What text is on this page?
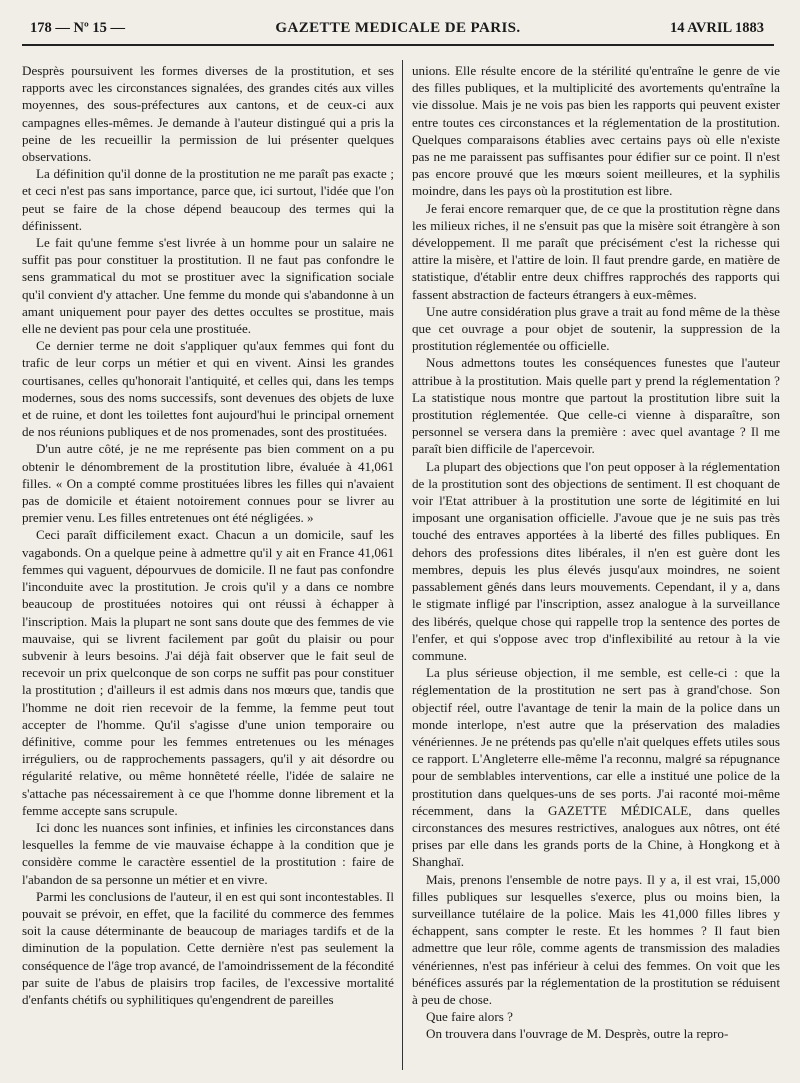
178 — Nº 15 —	GAZETTE MEDICALE DE PARIS.	14 AVRIL 1883

Desprès poursuivent les formes diverses de la prostitution, et ses rapports avec les circonstances signalées, des grandes cités aux villes moyennes, des sous-préfectures aux cantons, et de ceux-ci aux campagnes elles-mêmes. Je demande à l'auteur distingué qui a pris la peine de les recueillir la permission de lui présenter quelques observations.

La définition qu'il donne de la prostitution ne me paraît pas exacte ; et ceci n'est pas sans importance, parce que, ici surtout, l'idée que l'on peut se faire de la chose dépend beaucoup des termes qui la définissent.

Le fait qu'une femme s'est livrée à un homme pour un salaire ne suffit pas pour constituer la prostitution. Il ne faut pas confondre le sens grammatical du mot se prostituer avec la signification sociale qu'il convient d'y attacher. Une femme du monde qui s'abandonne à un amant uniquement pour payer des dettes occultes se prostitue, mais elle ne devient pas pour cela une prostituée.

Ce dernier terme ne doit s'appliquer qu'aux femmes qui font du trafic de leur corps un métier et qui en vivent. Ainsi les grandes courtisanes, celles qu'honorait l'antiquité, et celles qui, dans les temps modernes, sous des noms successifs, sont devenues des objets de luxe et de ruine, et dont les toilettes font aujourd'hui le principal ornement de nos réunions publiques et de nos promenades, sont des prostituées.

D'un autre côté, je ne me représente pas bien comment on a pu obtenir le dénombrement de la prostitution libre, évaluée à 41,061 filles. « On a compté comme prostituées libres les filles qui n'avaient pas de domicile et étaient notoirement connues pour se livrer au premier venu. Les filles entretenues ont été négligées. »

Ceci paraît difficilement exact. Chacun a un domicile, sauf les vagabonds. On a quelque peine à admettre qu'il y ait en France 41,061 femmes qui vaguent, dépourvues de domicile. Il ne faut pas confondre l'inconduite avec la prostitution. Je crois qu'il y a dans ce nombre beaucoup de prostituées notoires qui ont réussi à échapper à l'inscription. Mais la plupart ne sont sans doute que des femmes de vie mauvaise, qui se livrent facilement par goût du plaisir ou pour subvenir à leurs besoins. J'ai déjà fait observer que le fait seul de recevoir un prix quelconque de son corps ne suffit pas pour constituer la prostitution ; d'ailleurs il est admis dans nos mœurs que, tandis que l'homme ne doit rien recevoir de la femme, la femme peut tout accepter de l'homme. Qu'il s'agisse d'une union temporaire ou définitive, comme pour les femmes entretenues ou les ménages irréguliers, ou de rapprochements passagers, qu'il y ait désordre ou régularité relative, ou même honnêteté réelle, l'idée de salaire ne s'attache pas nécessairement à ce que l'homme donne librement et la femme accepte sans scrupule.

Ici donc les nuances sont infinies, et infinies les circonstances dans lesquelles la femme de vie mauvaise échappe à la condition que je considère comme le caractère essentiel de la prostitution : faire de l'abandon de sa personne un métier et en vivre.

Parmi les conclusions de l'auteur, il en est qui sont incontestables. Il pouvait se prévoir, en effet, que la facilité du commerce des femmes soit la cause déterminante de beaucoup de mariages tardifs et de la diminution de la population. Cette dernière n'est pas seulement la conséquence de l'âge trop avancé, de l'amoindrissement de la fécondité par suite de l'abus de plaisirs trop faciles, de l'excessive mortalité d'enfants chétifs ou syphilitiques qu'engendrent de pareilles

unions. Elle résulte encore de la stérilité qu'entraîne le genre de vie des filles publiques, et la multiplicité des avortements qu'entraîne la vie dissolue. Mais je ne vois pas bien les rapports qui peuvent exister entre toutes ces circonstances et la réglementation de la prostitution. Quelques comparaisons établies avec certains pays où elle n'existe pas ne me paraissent pas suffisantes pour édifier sur ce point. Il n'est pas encore prouvé que les mœurs soient meilleures, et la syphilis moindre, dans les pays où la prostitution est libre.

Je ferai encore remarquer que, de ce que la prostitution règne dans les milieux riches, il ne s'ensuit pas que la misère soit étrangère à son développement. Il me paraît que précisément c'est la richesse qui attire la misère, et l'attire de loin. Il faut prendre garde, en matière de statistique, d'établir entre deux chiffres rapprochés des rapports qui fassent abstraction de facteurs étrangers à eux-mêmes.

Une autre considération plus grave a trait au fond même de la thèse que cet ouvrage a pour objet de soutenir, la suppression de la prostitution réglementée ou officielle.

Nous admettons toutes les conséquences funestes que l'auteur attribue à la prostitution. Mais quelle part y prend la réglementation ? La statistique nous montre que partout la prostitution libre suit la prostitution réglementée. Que celle-ci vienne à disparaître, son personnel se versera dans la première : avec quel avantage ? Il me paraît bien difficile de l'apercevoir.

La plupart des objections que l'on peut opposer à la réglementation de la prostitution sont des objections de sentiment. Il est choquant de voir l'Etat attribuer à la prostitution une sorte de légitimité en lui imposant une organisation officielle. J'avoue que je ne suis pas très touché des entraves apportées à la liberté des filles publiques. En dehors des professions dites libérales, il n'en est guère dont les membres, depuis les plus élevés jusqu'aux moindres, ne soient passablement gênés dans leurs mouvements. Cependant, il y a, dans le stigmate infligé par l'inscription, assez analogue à la surveillance des libérés, quelque chose qui rappelle trop la sentence des portes de l'enfer, et qui s'oppose avec trop d'inflexibilité au retour à la vie commune.

La plus sérieuse objection, il me semble, est celle-ci : que la réglementation de la prostitution ne sert pas à grand'chose. Son objectif réel, outre l'avantage de tenir la main de la police dans un monde interlope, n'est autre que la préservation des maladies vénériennes. Je ne prétends pas qu'elle n'ait quelques effets utiles sous ce rapport. L'Angleterre elle-même l'a reconnu, malgré sa répugnance pour de semblables interventions, car elle a institué une police de la prostitution dans quelques-uns de ses ports. J'ai raconté moi-même récemment, dans la GAZETTE MÉDICALE, dans quelles circonstances des mesures restrictives, analogues aux nôtres, ont été prises par elle dans les grands ports de la Chine, à Hongkong et à Shanghaï.

Mais, prenons l'ensemble de notre pays. Il y a, il est vrai, 15,000 filles publiques sur lesquelles s'exerce, plus ou moins bien, la surveillance tutélaire de la police. Mais les 41,000 filles libres y échappent, sans compter le reste. Et les hommes ? Il faut bien admettre que leur rôle, comme agents de transmission des maladies vénériennes, n'est pas inférieur à celui des femmes. On voit que les bénéfices assurés par la réglementation de la prostitution se réduisent à peu de chose.

Que faire alors ?

On trouvera dans l'ouvrage de M. Desprès, outre la repro-
